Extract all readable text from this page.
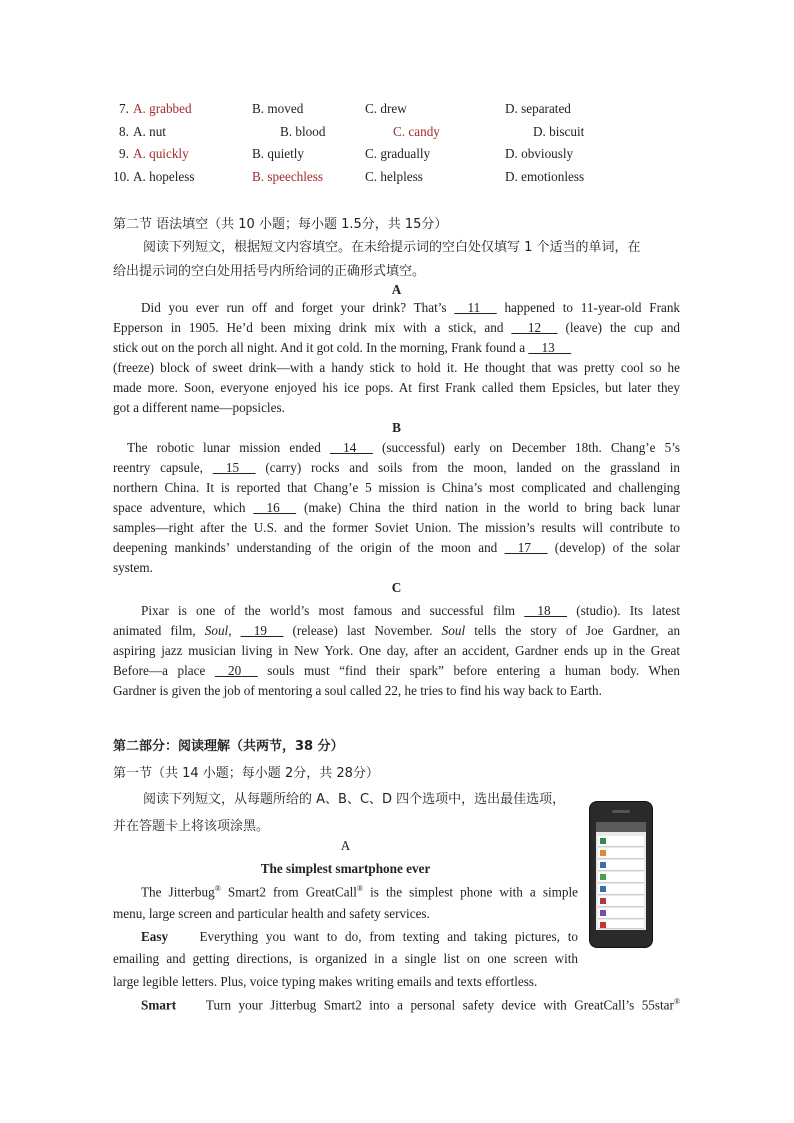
7. A. grabbed	B. moved	C. drew	D. separated
8. A. nut	B. blood	C. candy	D. biscuit
9. A. quickly	B. quietly	C. gradually	D. obviously
10. A. hopeless	B. speechless	C. helpless	D. emotionless
第二节 语法填空（共 10 小题；每小题 1.5分，共 15分）
阅读下列短文，根据短文内容填空。在未给提示词的空白处仅填写 1 个适当的单词，在
给出提示词的空白处用括号内所给词的正确形式填空。
A
Did you ever run off and forget your drink? That’s 11 happened to 11-year-old Frank
Epperson in 1905. He’d been mixing drink mix with a stick, and 12 (leave) the cup and
stick out on the porch all night. And it got cold. In the morning, Frank found a 13
(freeze) block of sweet drink—with a handy stick to hold it. He thought that was pretty cool so he
made more. Soon, everyone enjoyed his ice pops. At first Frank called them Epsicles, but later they
got a different name—popsicles.
B
The robotic lunar mission ended 14 (successful) early on December 18th. Chang’e 5’s
reentry capsule, 15 (carry) rocks and soils from the moon, landed on the grassland in
northern China. It is reported that Chang’e 5 mission is China’s most complicated and challenging
space adventure, which 16 (make) China the third nation in the world to bring back lunar
samples—right after the U.S. and the former Soviet Union. The mission’s results will contribute to
deepening mankinds’ understanding of the origin of the moon and 17 (develop) of the solar
system.
C
Pixar is one of the world’s most famous and successful film 18 (studio). Its latest
animated film, Soul, 19 (release) last November. Soul tells the story of Joe Gardner, an
aspiring jazz musician living in New York. One day, after an accident, Gardner ends up in the Great
Before—a place 20 souls must “find their spark” before entering a human body. When
Gardner is given the job of mentoring a soul called 22, he tries to find his way back to Earth.
第二部分：阅读理解（共两节，38 分）
第一节（共 14 小题；每小题 2分，共 28分）
阅读下列短文，从每题所给的 A、B、C、D 四个选项中，选出最佳选项，
并在答题卡上将该项涂黑。
A
The simplest smartphone ever
The Jitterbug® Smart2 from GreatCall® is the simplest phone with a simple
menu, large screen and particular health and safety services.
Easy Everything you want to do, from texting and taking pictures, to
emailing and getting directions, is organized in a single list on one screen with
large legible letters. Plus, voice typing makes writing emails and texts effortless.
Smart Turn your Jitterbug Smart2 into a personal safety device with GreatCall’s 55star®
